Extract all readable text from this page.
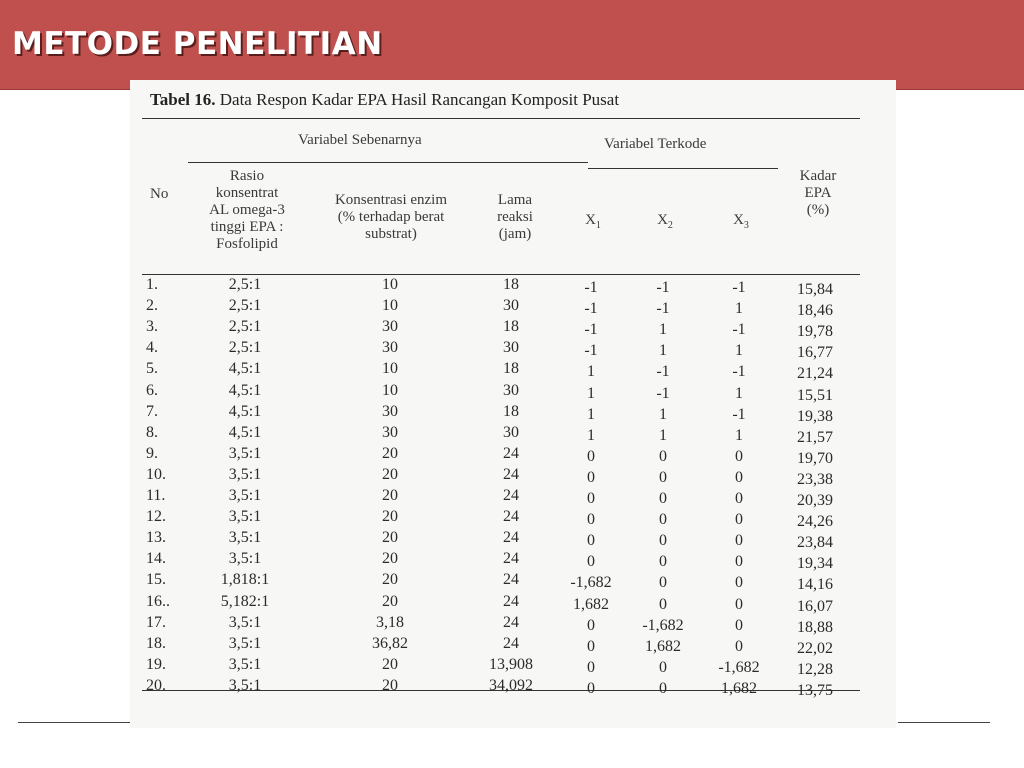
METODE PENELITIAN
Tabel 16. Data Respon Kadar EPA Hasil Rancangan Komposit Pusat
Variabel Sebenarnya	Variabel Terkode
No
Rasio
konsentrat
AL omega-3
tinggi EPA :
Fosfolipid
Konsentrasi enzim
(% terhadap berat
substrat)
Lama
reaksi
(jam)
$X_1$	$X_2$	$X_3$
Kadar
EPA
(%)
1.	2,5:1	10	18	-1	-1	-1	15,84
2.	2,5:1	10	30	-1	-1	1	18,46
3.	2,5:1	30	18	-1	1	-1	19,78
4.	2,5:1	30	30	-1	1	1	16,77
5.	4,5:1	10	18	1	-1	-1	21,24
6.	4,5:1	10	30	1	-1	1	15,51
7.	4,5:1	30	18	1	1	-1	19,38
8.	4,5:1	30	30	1	1	1	21,57
9.	3,5:1	20	24	0	0	0	19,70
10.	3,5:1	20	24	0	0	0	23,38
11.	3,5:1	20	24	0	0	0	20,39
12.	3,5:1	20	24	0	0	0	24,26
13.	3,5:1	20	24	0	0	0	23,84
14.	3,5:1	20	24	0	0	0	19,34
15.	1,818:1	20	24	-1,682	0	0	14,16
16..	5,182:1	20	24	1,682	0	0	16,07
17.	3,5:1	3,18	24	0	-1,682	0	18,88
18.	3,5:1	36,82	24	0	1,682	0	22,02
19.	3,5:1	20	13,908	0	0	-1,682	12,28
20.	3,5:1	20	34,092	0	0	1,682	13,75
